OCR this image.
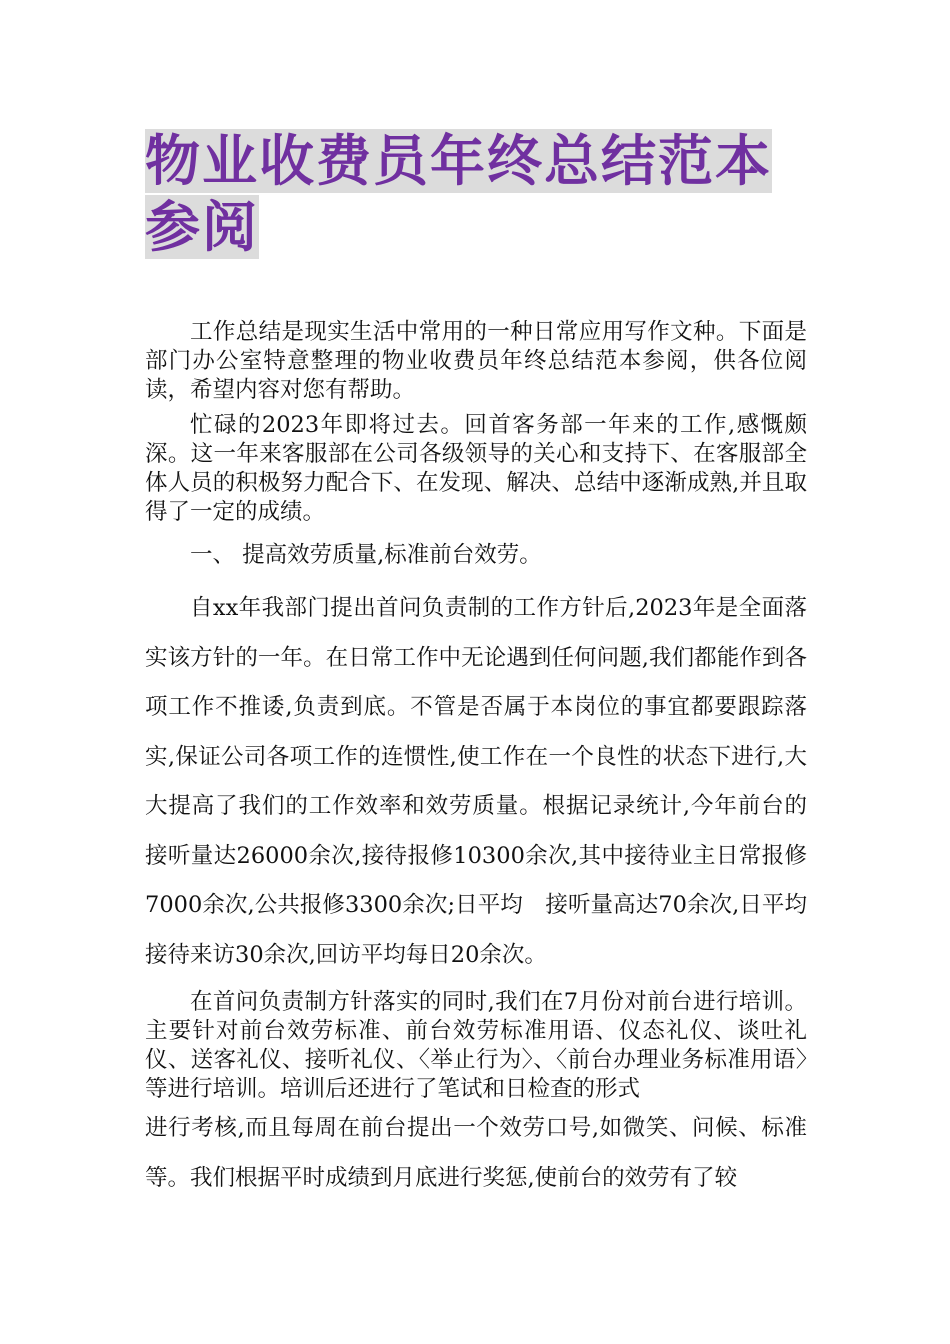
物业收费员年终总结范本参阅

工作总结是现实生活中常用的一种日常应用写作文种。下面是部门办公室特意整理的物业收费员年终总结范本参阅，供各位阅读，希望内容对您有帮助。

忙碌的2023年即将过去。回首客务部一年来的工作,感慨颇深。这一年来客服部在公司各级领导的关心和支持下、在客服部全体人员的积极努力配合下、在发现、解决、总结中逐渐成熟,并且取得了一定的成绩。

一、 提高效劳质量,标准前台效劳。

自xx年我部门提出首问负责制的工作方针后,2023年是全面落实该方针的一年。在日常工作中无论遇到任何问题,我们都能作到各项工作不推诿,负责到底。不管是否属于本岗位的事宜都要跟踪落实,保证公司各项工作的连惯性,使工作在一个良性的状态下进行,大大提高了我们的工作效率和效劳质量。根据记录统计,今年前台的　接听量达26000余次,接待报修10300余次,其中接待业主日常报修7000余次,公共报修3300余次;日平均　接听量高达70余次,日平均接待来访30余次,回访平均每日20余次。

在首问负责制方针落实的同时,我们在7月份对前台进行培训。主要针对前台效劳标准、前台效劳标准用语、仪态礼仪、谈吐礼仪、送客礼仪、接听礼仪、〈举止行为〉、〈前台办理业务标准用语〉等进行培训。培训后还进行了笔试和日检查的形式
进行考核,而且每周在前台提出一个效劳口号,如微笑、问候、标准等。我们根据平时成绩到月底进行奖惩,使前台的效劳有了较
